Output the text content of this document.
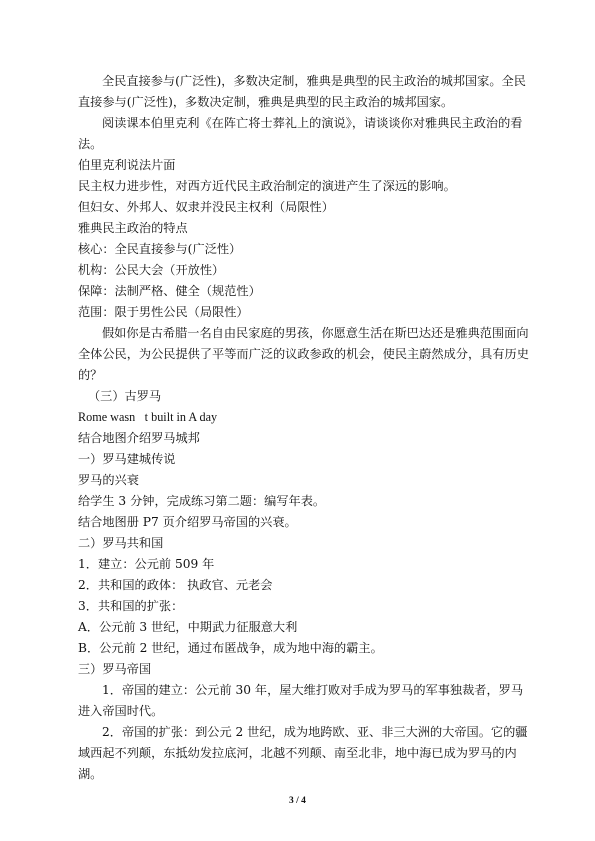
全民直接参与(广泛性)，多数决定制，雅典是典型的民主政治的城邦国家。全民直接参与(广泛性)，多数决定制，雅典是典型的民主政治的城邦国家。

阅读课本伯里克利《在阵亡将士葬礼上的演说》，请谈谈你对雅典民主政治的看法。

伯里克利说法片面

民主权力进步性，对西方近代民主政治制定的演进产生了深远的影响。

但妇女、外邦人、奴隶并没民主权利（局限性）

雅典民主政治的特点

核心：全民直接参与(广泛性）

机构：公民大会（开放性）

保障：法制严格、健全（规范性）

范围：限于男性公民（局限性）

假如你是古希腊一名自由民家庭的男孩，你愿意生活在斯巴达还是雅典范围面向全体公民，为公民提供了平等而广泛的议政参政的机会，使民主蔚然成分，具有历史的？

（三）古罗马

Rome wasn t built in A day

结合地图介绍罗马城邦

一）罗马建城传说

罗马的兴衰

给学生 3 分钟，完成练习第二题：编写年表。

结合地图册 P7 页介绍罗马帝国的兴衰。

二）罗马共和国

1．建立：公元前 509 年

2．共和国的政体： 执政官、元老会

3．共和国的扩张：

A．公元前 3 世纪，中期武力征服意大利

B．公元前 2 世纪，通过布匿战争，成为地中海的霸主。

三）罗马帝国

1．帝国的建立：公元前 30 年，屋大维打败对手成为罗马的军事独裁者，罗马进入帝国时代。

2．帝国的扩张：到公元 2 世纪，成为地跨欧、亚、非三大洲的大帝国。它的疆域西起不列颠，东抵幼发拉底河，北越不列颠、南至北非，地中海已成为罗马的内湖。

3 / 4
